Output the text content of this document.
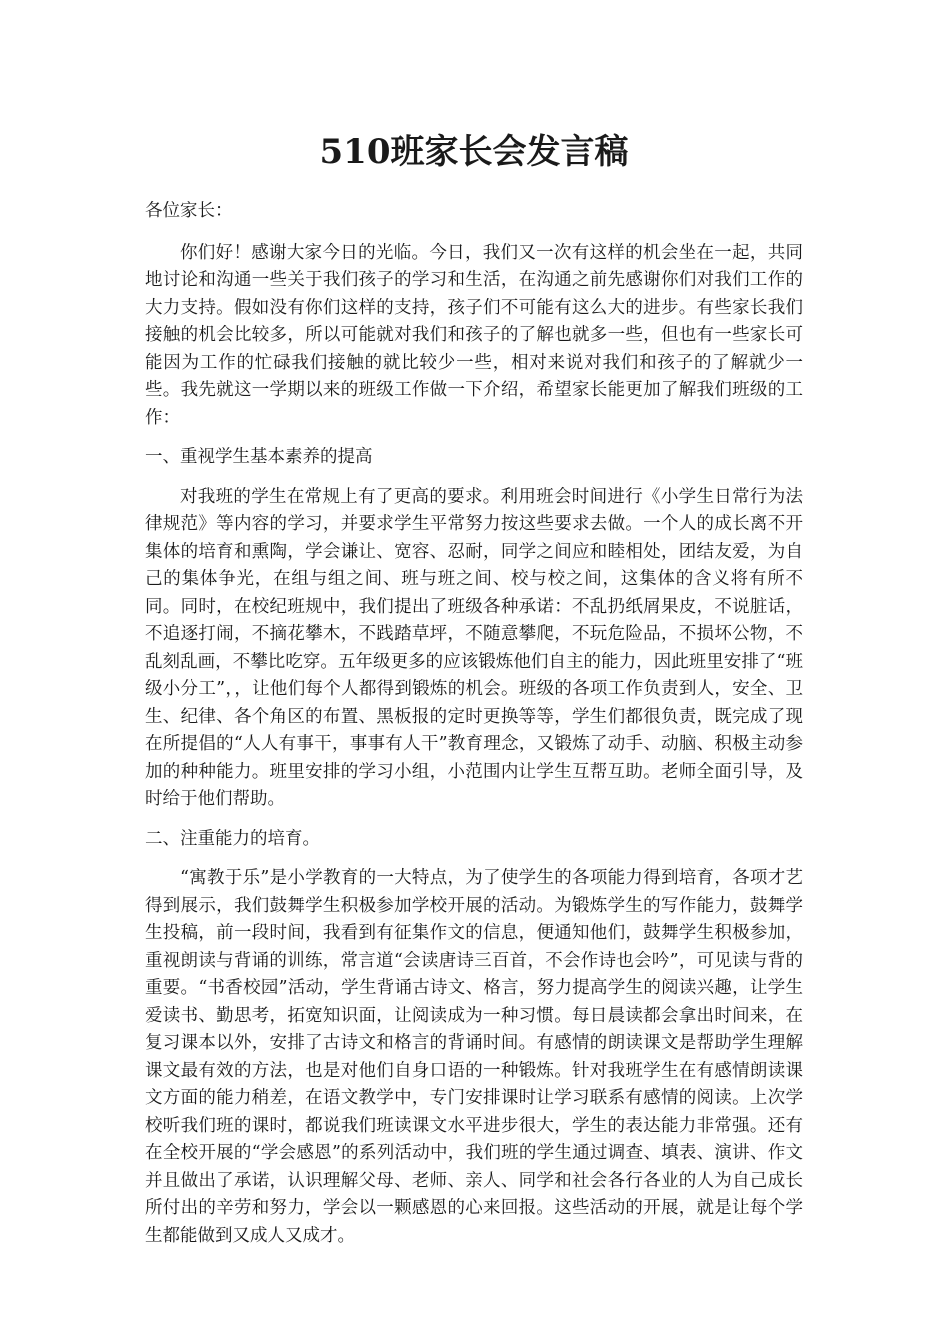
510班家长会发言稿

各位家长：

你们好！感谢大家今日的光临。今日，我们又一次有这样的机会坐在一起，共同地讨论和沟通一些关于我们孩子的学习和生活，在沟通之前先感谢你们对我们工作的大力支持。假如没有你们这样的支持，孩子们不可能有这么大的进步。有些家长我们接触的机会比较多，所以可能就对我们和孩子的了解也就多一些，但也有一些家长可能因为工作的忙碌我们接触的就比较少一些，相对来说对我们和孩子的了解就少一些。我先就这一学期以来的班级工作做一下介绍，希望家长能更加了解我们班级的工作：

一、重视学生基本素养的提高

对我班的学生在常规上有了更高的要求。利用班会时间进行《小学生日常行为法律规范》等内容的学习，并要求学生平常努力按这些要求去做。一个人的成长离不开集体的培育和熏陶，学会谦让、宽容、忍耐，同学之间应和睦相处，团结友爱，为自己的集体争光，在组与组之间、班与班之间、校与校之间，这集体的含义将有所不同。同时，在校纪班规中，我们提出了班级各种承诺：不乱扔纸屑果皮，不说脏话，不追逐打闹，不摘花攀木，不践踏草坪，不随意攀爬，不玩危险品，不损坏公物，不乱刻乱画，不攀比吃穿。五年级更多的应该锻炼他们自主的能力，因此班里安排了“班级小分工”，，让他们每个人都得到锻炼的机会。班级的各项工作负责到人，安全、卫生、纪律、各个角区的布置、黑板报的定时更换等等，学生们都很负责，既完成了现在所提倡的“人人有事干，事事有人干”教育理念，又锻炼了动手、动脑、积极主动参加的种种能力。班里安排的学习小组，小范围内让学生互帮互助。老师全面引导，及时给于他们帮助。

二、注重能力的培育。

“寓教于乐”是小学教育的一大特点，为了使学生的各项能力得到培育，各项才艺得到展示，我们鼓舞学生积极参加学校开展的活动。为锻炼学生的写作能力，鼓舞学生投稿，前一段时间，我看到有征集作文的信息，便通知他们，鼓舞学生积极参加，重视朗读与背诵的训练，常言道“会读唐诗三百首，不会作诗也会吟”，可见读与背的重要。“书香校园”活动，学生背诵古诗文、格言，努力提高学生的阅读兴趣，让学生爱读书、勤思考，拓宽知识面，让阅读成为一种习惯。每日晨读都会拿出时间来，在复习课本以外，安排了古诗文和格言的背诵时间。有感情的朗读课文是帮助学生理解课文最有效的方法，也是对他们自身口语的一种锻炼。针对我班学生在有感情朗读课文方面的能力稍差，在语文教学中，专门安排课时让学习联系有感情的阅读。上次学校听我们班的课时，都说我们班读课文水平进步很大，学生的表达能力非常强。还有在全校开展的“学会感恩”的系列活动中，我们班的学生通过调查、填表、演讲、作文并且做出了承诺，认识理解父母、老师、亲人、同学和社会各行各业的人为自己成长所付出的辛劳和努力，学会以一颗感恩的心来回报。这些活动的开展，就是让每个学生都能做到又成人又成才。
